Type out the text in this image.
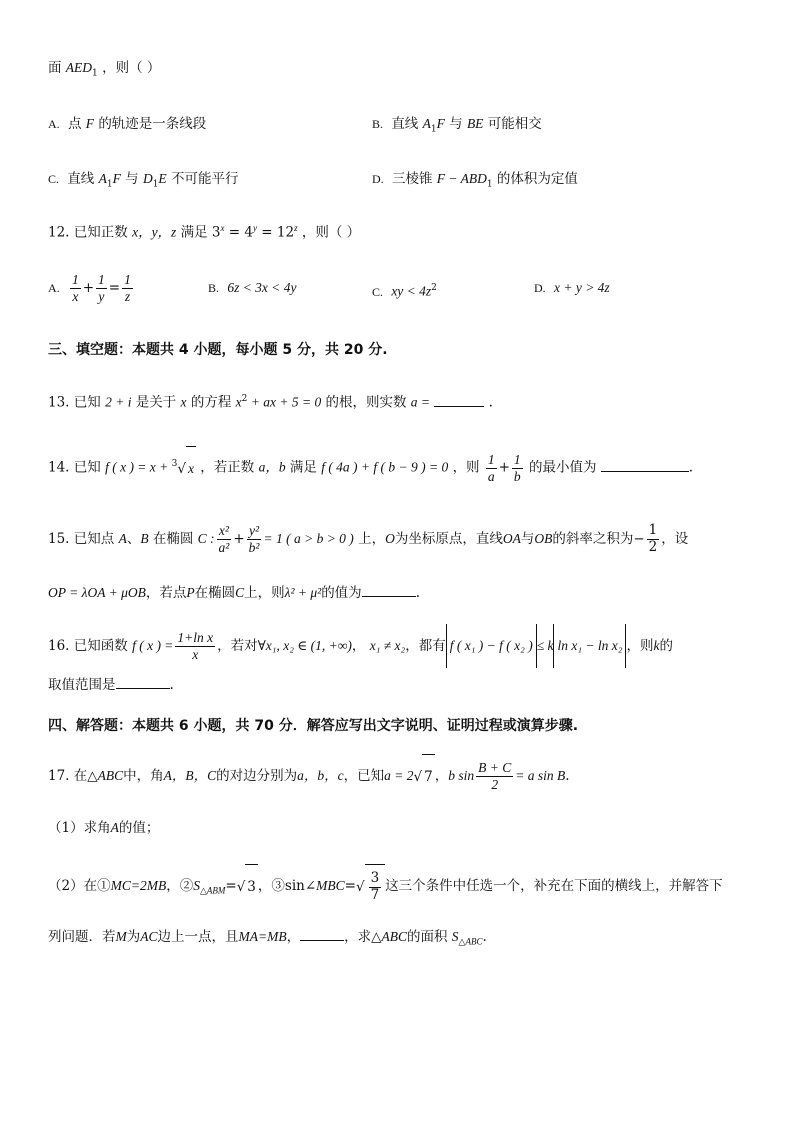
面 $AED_1$ ，则（ ）
A. 点 F 的轨迹是一条线段	B. 直线 $A_1F$ 与 BE 可能相交
C. 直线 $A_1F$ 与 $D_1E$ 不可能平行	D. 三棱锥 $F - ABD_1$ 的体积为定值
12. 已知正数 x，y，z 满足 $3^x = 4^y = 12^z$ ，则（ ）
A. $\frac{1}{x} + \frac{1}{y} = \frac{1}{z}$	B. 6z < 3x < 4y	C. xy < $4z^2$	D. x + y > 4z
三、填空题：本题共 4 小题，每小题 5 分，共 20 分.
13. 已知 2 + i 是关于 x 的方程 $x^2$ + ax + 5 = 0 的根，则实数 a =	.
14. 已知 f ( x ) = x + $^3$√ x ，若正数 a，b 满足 f ( 4a ) + f ( b − 9 ) = 0 ，则 $\frac{1}{a} + \frac{1}{b}$ 的最小值为	.
15. 已知点 A、B 在椭圆 C : $\frac{\text{x²}}{\text{a²}} + \frac{\text{y²}}{\text{b²}} = 1$ ( a > b > 0 ) 上，O为坐标原点，直线OA与OB的斜率之积为− $\frac{1}{2}$ ，设
OP = λOA + μOB，若点P在椭圆C上，则λ² + μ²的值为	.
16. 已知函数 f ( x ) = $\frac{\text{1+ln x}}{x}$ ，若对∀x₁, x₂ ∈ (1, +∞)， x₁ ≠ x₂，都有 f ( x₁ ) − f ( x₂ ) ≤ k ln x₁ − ln x₂ ，则k的
取值范围是	.
四、解答题：本题共 6 小题，共 70 分．解答应写出文字说明、证明过程或演算步骤.
17. 在△ABC中，角A，B，C的对边分别为a，b，c，已知a = 2√ 7 ，b $\sin \frac{B + C}{2} = a$ sin B.
（1）求角A的值；
（2）在①MC=2MB，$②S_{\triangle ABM}=√$ 3 ，③sin∠MBC=√ $\frac{3}{7}$ 这三个条件中任选一个，补充在下面的横线上，并解答下
列问题．若M为AC边上一点，且MA=MB，	，求△ABC的面积 $S_{\triangle ABC}$.
